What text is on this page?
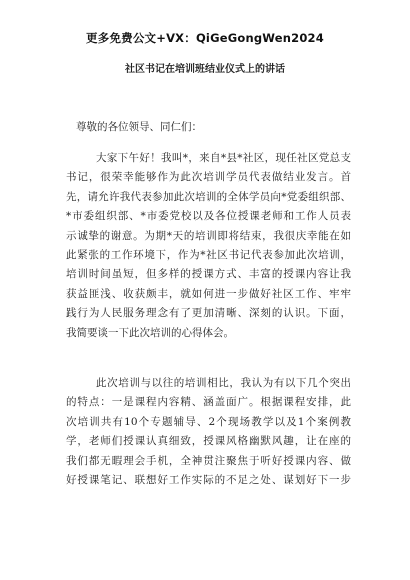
更多免费公文+VX：QiGeGongWen2024
社区书记在培训班结业仪式上的讲话
尊敬的各位领导、同仁们：
大家下午好！我叫*，来自*县*社区，现任社区党总支
书记，很荣幸能够作为此次培训学员代表做结业发言。首
先，请允许我代表参加此次培训的全体学员向*党委组织部、
*市委组织部、*市委党校以及各位授课老师和工作人员表
示诚挚的谢意。为期*天的培训即将结束，我很庆幸能在如
此紧张的工作环境下，作为*社区书记代表参加此次培训，
培训时间虽短，但多样的授课方式、丰富的授课内容让我
获益匪浅、收获颇丰，就如何进一步做好社区工作、牢牢
践行为人民服务理念有了更加清晰、深刻的认识。下面，
我简要谈一下此次培训的心得体会。
此次培训与以往的培训相比，我认为有以下几个突出
的特点：一是课程内容精、涵盖面广。根据课程安排，此
次培训共有10个专题辅导、2个现场教学以及1个案例教
学，老师们授课认真细致，授课风格幽默风趣，让在座的
我们都无暇理会手机，全神贯注聚焦于听好授课内容、做
好授课笔记、联想好工作实际的不足之处、谋划好下一步
